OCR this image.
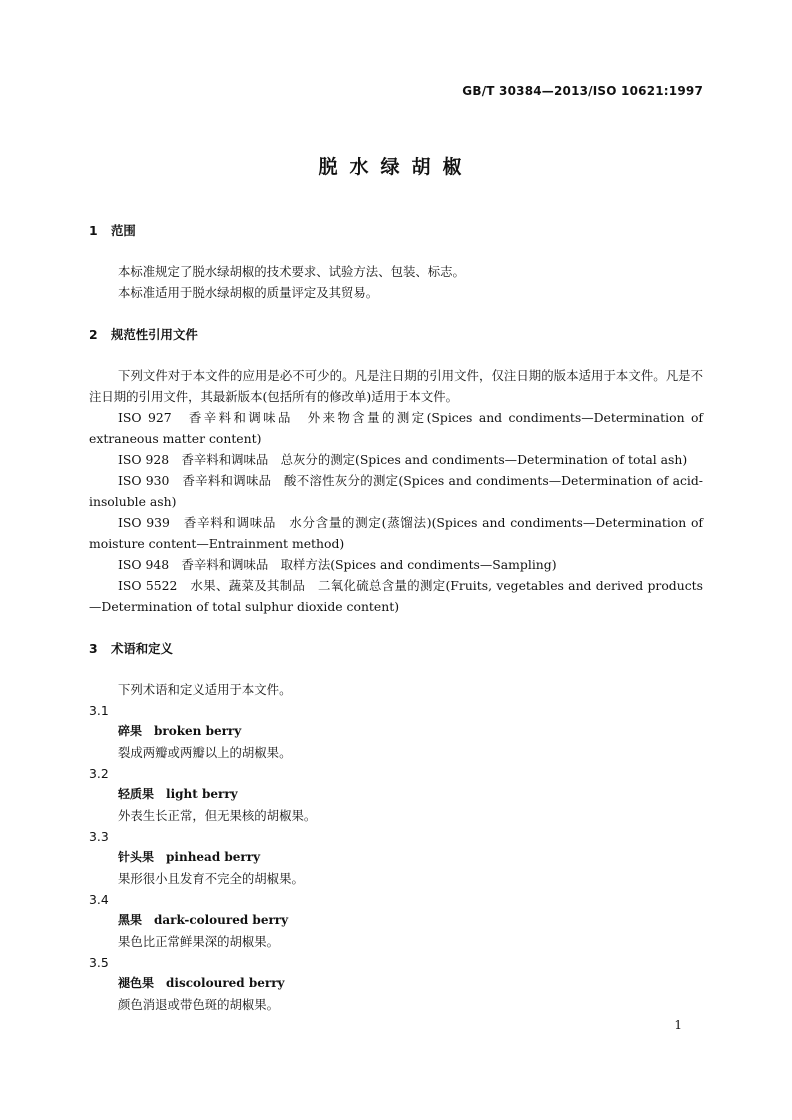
GB/T 30384—2013/ISO 10621:1997
脱水绿胡椒
1 范围

本标准规定了脱水绿胡椒的技术要求、试验方法、包装、标志。

本标准适用于脱水绿胡椒的质量评定及其贸易。

2 规范性引用文件

下列文件对于本文件的应用是必不可少的。凡是注日期的引用文件，仅注日期的版本适用于本文件。凡是不注日期的引用文件，其最新版本(包括所有的修改单)适用于本文件。

ISO 927　香辛料和调味品　外来物含量的测定(Spices and condiments—Determination of extraneous matter content)

ISO 928　香辛料和调味品　总灰分的测定(Spices and condiments—Determination of total ash)

ISO 930　香辛料和调味品　酸不溶性灰分的测定(Spices and condiments—Determination of acid-insoluble ash)

ISO 939　香辛料和调味品　水分含量的测定(蒸馏法)(Spices and condiments—Determination of moisture content—Entrainment method)

ISO 948　香辛料和调味品　取样方法(Spices and condiments—Sampling)

ISO 5522　水果、蔬菜及其制品　二氧化硫总含量的测定(Fruits, vegetables and derived products—Determination of total sulphur dioxide content)

3 术语和定义

下列术语和定义适用于本文件。

3.1
碎果 broken berry
裂成两瓣或两瓣以上的胡椒果。
3.2
轻质果 light berry
外表生长正常，但无果核的胡椒果。
3.3
针头果 pinhead berry
果形很小且发育不完全的胡椒果。
3.4
黑果 dark-coloured berry
果色比正常鲜果深的胡椒果。
3.5
褪色果 discoloured berry
颜色消退或带色斑的胡椒果。
1
